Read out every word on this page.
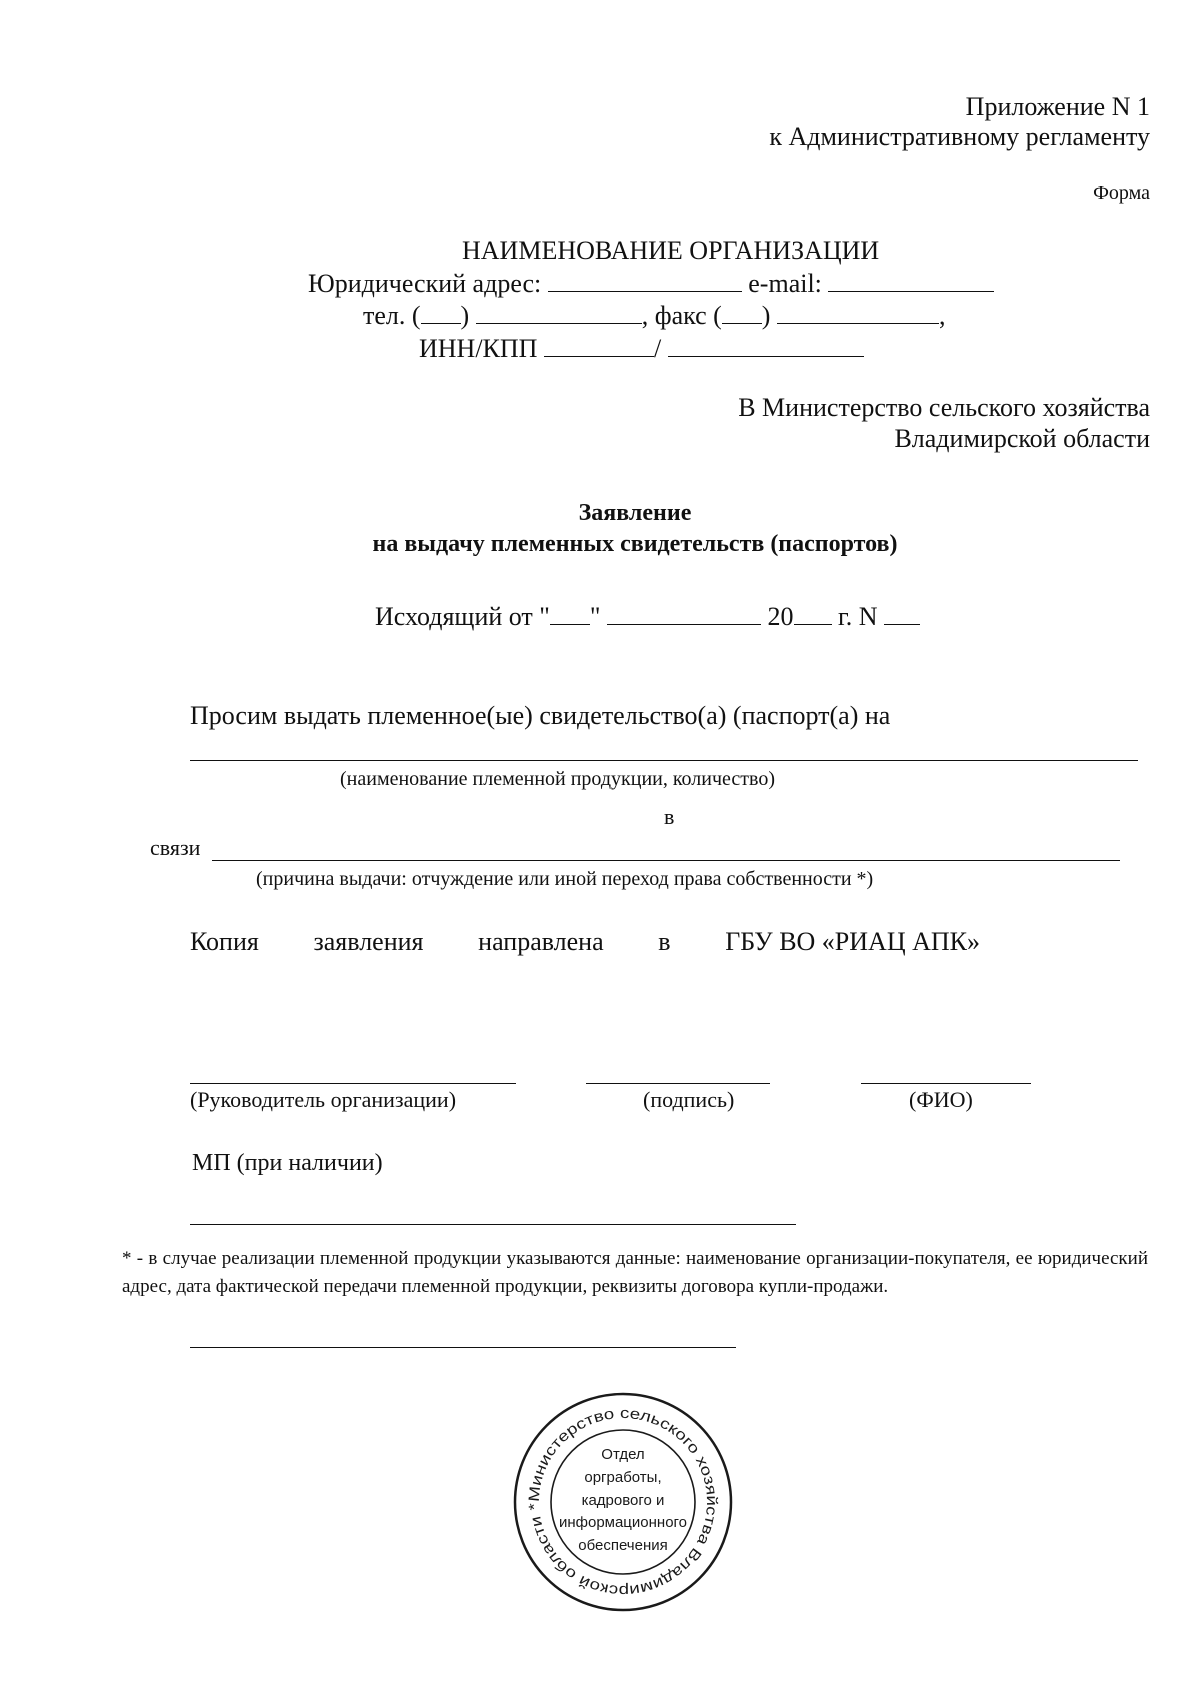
Приложение N 1
к Административному регламенту
Форма
НАИМЕНОВАНИЕ ОРГАНИЗАЦИИ
Юридический адрес:	e-mail:
тел. ( )	, факс ( )	,
ИНН/КПП	/
В Министерство сельского хозяйства
Владимирской области
Заявление
на выдачу племенных свидетельств (паспортов)
Исходящий от " "	20 г. N
Просим выдать племенное(ые) свидетельство(а) (паспорт(а) на
(наименование племенной продукции, количество)
в
связи
(причина выдачи: отчуждение или иной переход права собственности *)
Копия заявления направлена в ГБУ ВО «РИАЦ АПК»
(Руководитель организации)	(подпись)	(ФИО)
МП (при наличии)
* - в случае реализации племенной продукции указываются данные: наименование организации-покупателя, ее юридический адрес, дата фактической передачи племенной продукции, реквизиты договора купли-продажи.
Министерство сельского хозяйства Владимирской области *
Отдел
оргработы,
кадрового и
информационного
обеспечения
